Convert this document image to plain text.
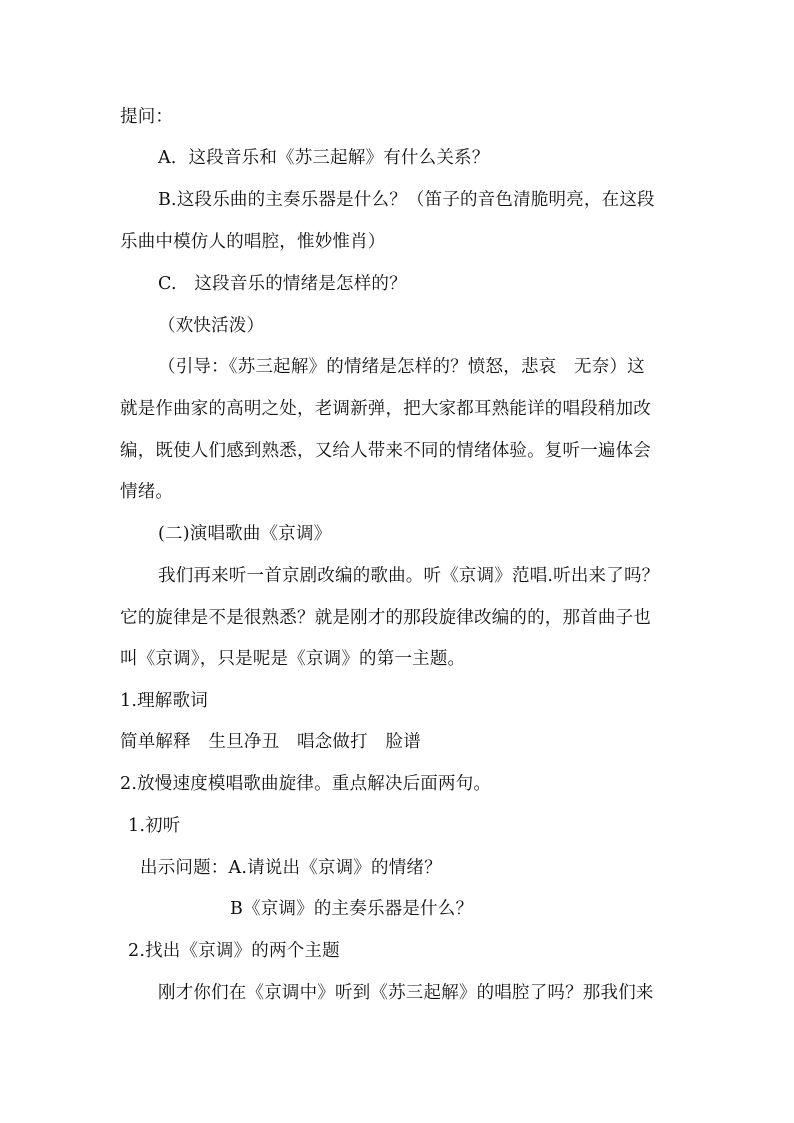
提问：
A．这段音乐和《苏三起解》有什么关系？
B.这段乐曲的主奏乐器是什么？（笛子的音色清脆明亮，在这段
乐曲中模仿人的唱腔，惟妙惟肖）
C.　这段音乐的情绪是怎样的？
（欢快活泼）
（引导：《苏三起解》的情绪是怎样的？愤怒，悲哀　无奈）这
就是作曲家的高明之处，老调新弹，把大家都耳熟能详的唱段稍加改
编，既使人们感到熟悉，又给人带来不同的情绪体验。复听一遍体会
情绪。
(二)演唱歌曲《京调》
我们再来听一首京剧改编的歌曲。听《京调》范唱.听出来了吗？
它的旋律是不是很熟悉？就是刚才的那段旋律改编的的，那首曲子也
叫《京调》，只是呢是《京调》的第一主题。
1.理解歌词
简单解释　生旦净丑　唱念做打　脸谱
2.放慢速度模唱歌曲旋律。重点解决后面两句。
1.初听
出示问题：A.请说出《京调》的情绪？
B《京调》的主奏乐器是什么？
2.找出《京调》的两个主题
刚才你们在《京调中》听到《苏三起解》的唱腔了吗？那我们来
